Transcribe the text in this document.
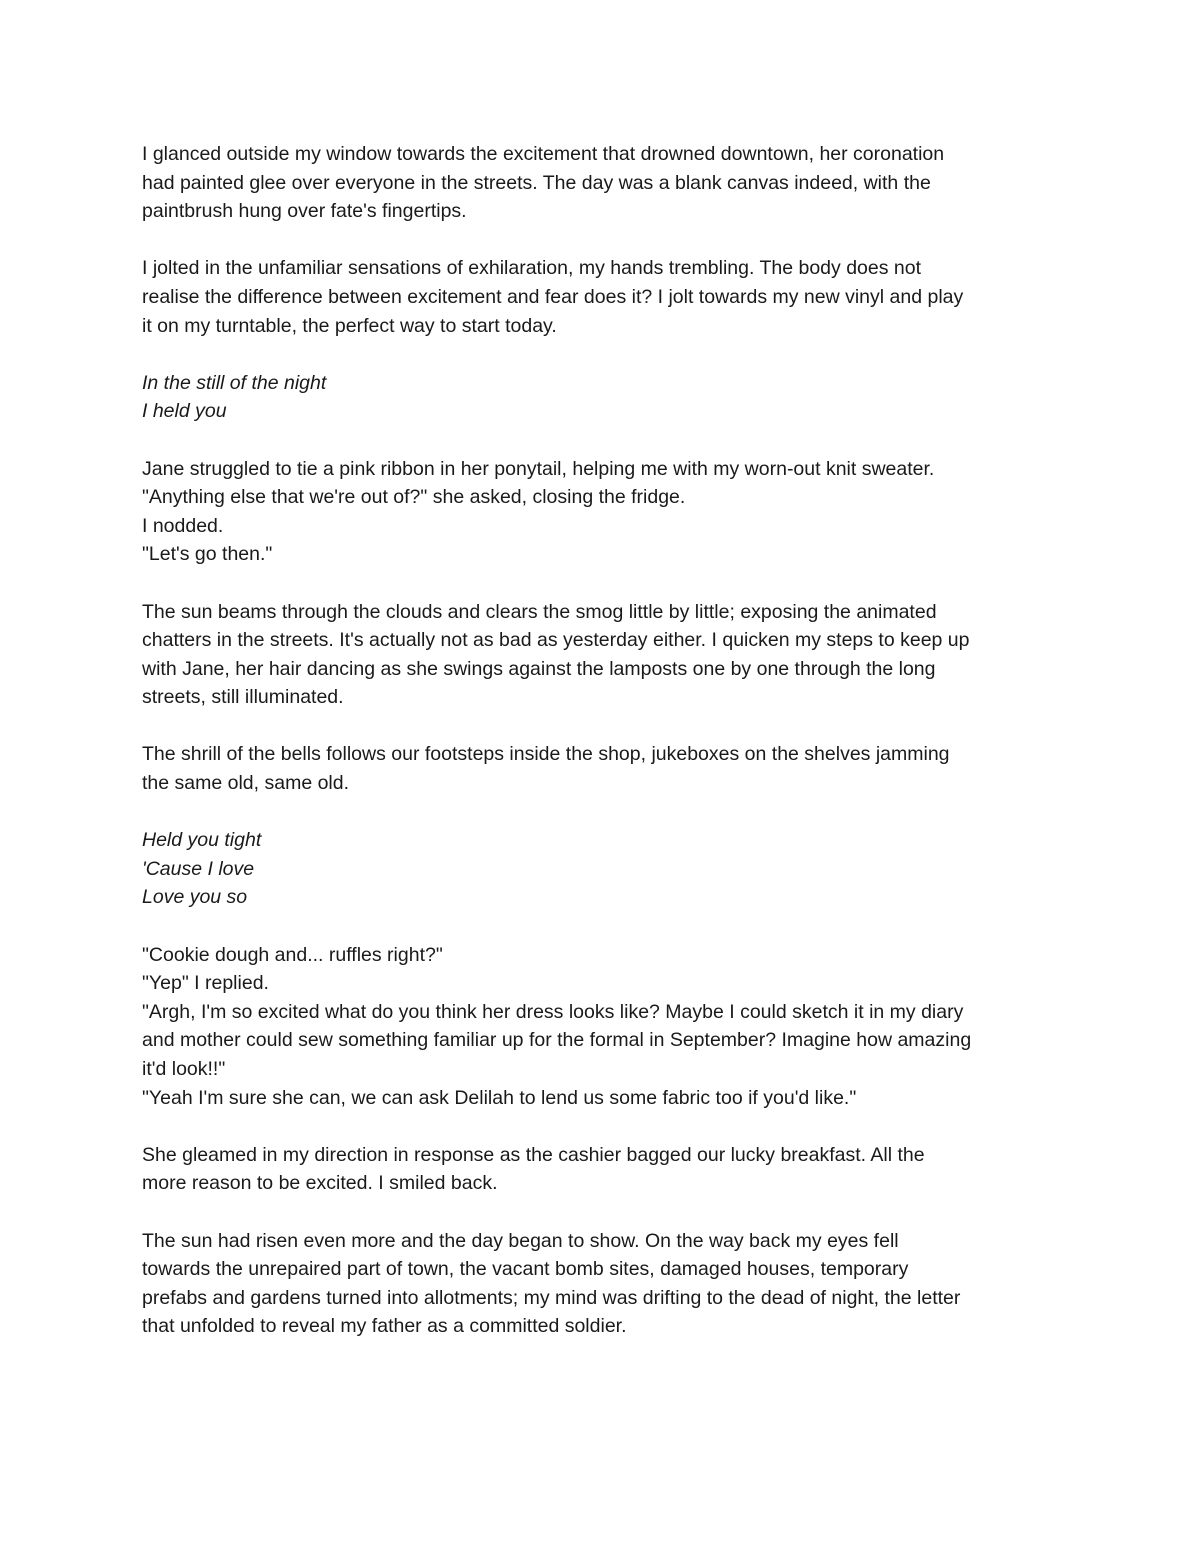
I glanced outside my window towards the excitement that drowned downtown, her coronation
had painted glee over everyone in the streets. The day was a blank canvas indeed, with the
paintbrush hung over fate's fingertips.
I jolted in the unfamiliar sensations of exhilaration, my hands trembling. The body does not
realise the difference between excitement and fear does it? I jolt towards my new vinyl and play
it on my turntable, the perfect way to start today.
In the still of the night
I held you
Jane struggled to tie a pink ribbon in her ponytail, helping me with my worn-out knit sweater.
"Anything else that we're out of?" she asked, closing the fridge.
I nodded.
"Let's go then."
The sun beams through the clouds and clears the smog little by little; exposing the animated
chatters in the streets. It's actually not as bad as yesterday either. I quicken my steps to keep up
with Jane, her hair dancing as she swings against the lamposts one by one through the long
streets, still illuminated.
The shrill of the bells follows our footsteps inside the shop, jukeboxes on the shelves jamming
the same old, same old.
Held you tight
'Cause I love
Love you so
"Cookie dough and... ruffles right?"
"Yep" I replied.
"Argh, I'm so excited what do you think her dress looks like? Maybe I could sketch it in my diary
and mother could sew something familiar up for the formal in September? Imagine how amazing
it'd look!!"
"Yeah I'm sure she can, we can ask Delilah to lend us some fabric too if you'd like."
She gleamed in my direction in response as the cashier bagged our lucky breakfast. All the
more reason to be excited. I smiled back.
The sun had risen even more and the day began to show. On the way back my eyes fell
towards the unrepaired part of town, the vacant bomb sites, damaged houses, temporary
prefabs and gardens turned into allotments; my mind was drifting to the dead of night, the letter
that unfolded to reveal my father as a committed soldier.
